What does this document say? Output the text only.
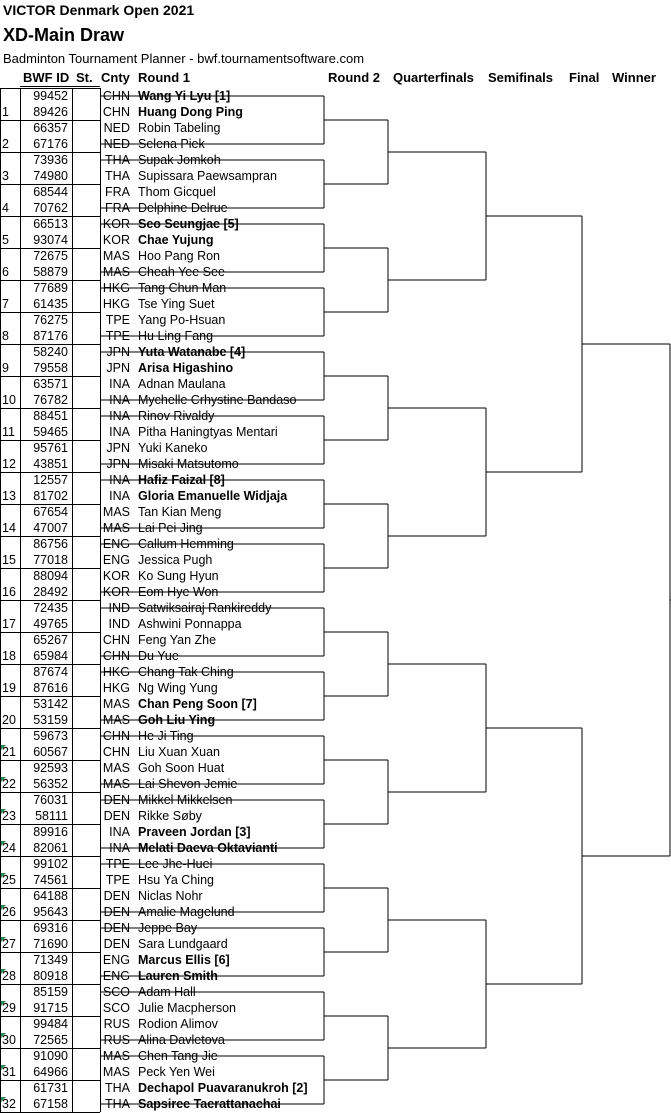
VICTOR Denmark Open 2021
XD-Main Draw
Badminton Tournament Planner - bwf.tournamentsoftware.com
BWF ID St. Cnty Round 1	Round 2 Quarterfinals Semifinals Final Winner
1
99452	CHN Wang Yi Lyu [1]
89426	CHN Huang Dong Ping
2
66357	NED Robin Tabeling
67176	NED Selena Piek
3
73936	THA Supak Jomkoh
74980	THA Supissara Paewsampran
4
68544	FRA Thom Gicquel
70762	FRA Delphine Delrue
5
66513	KOR Seo Seungjae [5]
93074	KOR Chae Yujung
6
72675	MAS Hoo Pang Ron
58879	MAS Cheah Yee See
7
77689	HKG Tang Chun Man
61435	HKG Tse Ying Suet
8
76275	TPE Yang Po-Hsuan
87176	TPE Hu Ling Fang
9
58240	JPN Yuta Watanabe [4]
79558	JPN Arisa Higashino
10
63571	INA Adnan Maulana
76782	INA Mychelle Crhystine Bandaso
11
88451	INA Rinov Rivaldy
59465	INA Pitha Haningtyas Mentari
12
95761	JPN Yuki Kaneko
43851	JPN Misaki Matsutomo
13
12557	INA Hafiz Faizal [8]
81702	INA Gloria Emanuelle Widjaja
14
67654	MAS Tan Kian Meng
47007	MAS Lai Pei Jing
15
86756	ENG Callum Hemming
77018	ENG Jessica Pugh
16
88094	KOR Ko Sung Hyun
28492	KOR Eom Hye Won
17
72435	IND Satwiksairaj Rankireddy
49765	IND Ashwini Ponnappa
18
65267	CHN Feng Yan Zhe
65984	CHN Du Yue
19
87674	HKG Chang Tak Ching
87616	HKG Ng Wing Yung
20
53142	MAS Chan Peng Soon [7]
53159	MAS Goh Liu Ying
21
59673	CHN He Ji Ting
60567	CHN Liu Xuan Xuan
22
92593	MAS Goh Soon Huat
56352	MAS Lai Shevon Jemie
23
76031	DEN Mikkel Mikkelsen
58111	DEN Rikke Søby
24
89916	INA Praveen Jordan [3]
82061	INA Melati Daeva Oktavianti
25
99102	TPE Lee Jhe-Huei
74561	TPE Hsu Ya Ching
26
64188	DEN Niclas Nohr
95643	DEN Amalie Magelund
27
69316	DEN Jeppe Bay
71690	DEN Sara Lundgaard
28
71349	ENG Marcus Ellis [6]
80918	ENG Lauren Smith
29
85159	SCO Adam Hall
91715	SCO Julie Macpherson
30
99484	RUS Rodion Alimov
72565	RUS Alina Davletova
31
91090	MAS Chen Tang Jie
64966	MAS Peck Yen Wei
32
61731	THA Dechapol Puavaranukroh [2]
67158	THA Sapsiree Taerattanachai
